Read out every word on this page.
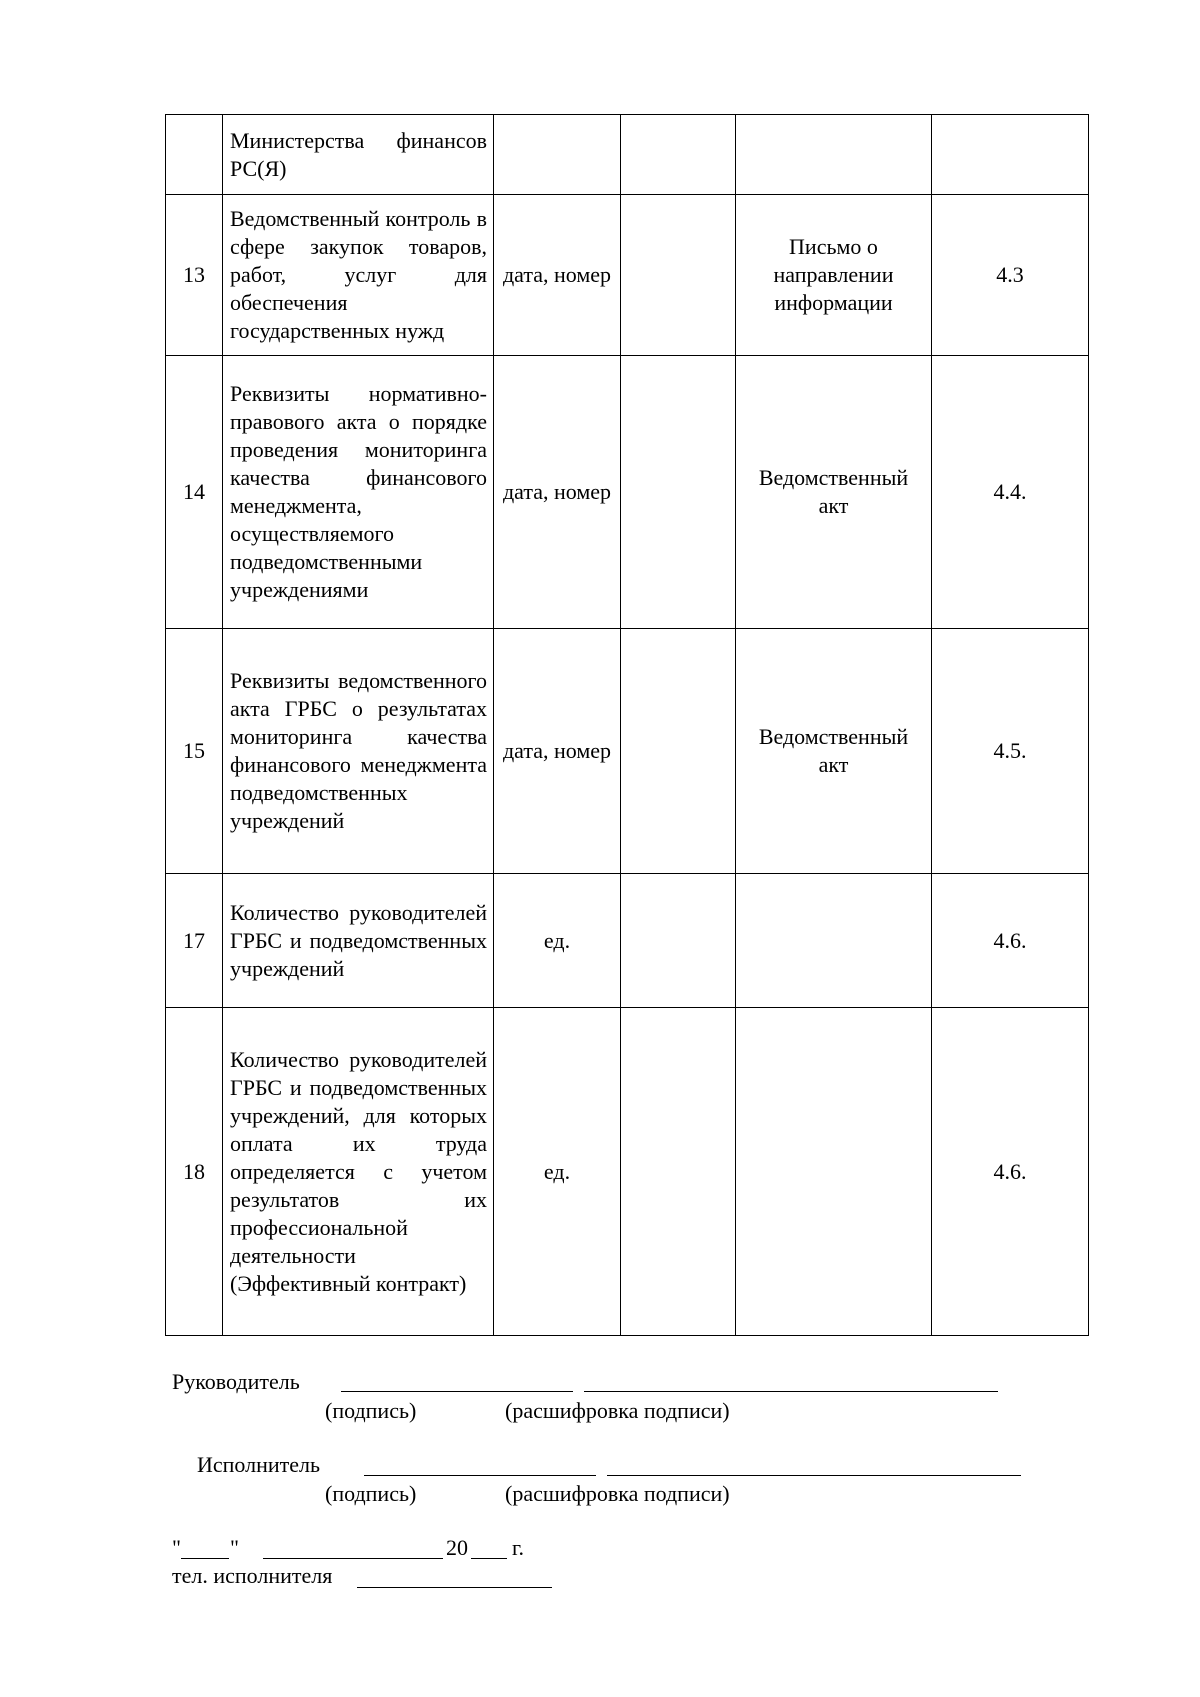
	Министерства финансов РС(Я)				

13	Ведомственный контроль в сфере закупок товаров, работ, услуг для обеспечения государственных нужд	дата, номер		Письмо о направлении информации	4.3
14	Реквизиты нормативно-правового акта о порядке проведения мониторинга качества финансового менеджмента, осуществляемого подведомственными учреждениями	дата, номер		Ведомственный акт	4.4.
15	Реквизиты ведомственного акта ГРБС о результатах мониторинга качества финансового менеджмента подведомственных учреждений	дата, номер		Ведомственный акт	4.5.
17	Количество руководителей ГРБС и подведомственных учреждений	ед.			4.6.
18	Количество руководителей ГРБС и подведомственных учреждений, для которых оплата их труда определяется с учетом результатов их профессиональной деятельности (Эффективный контракт)	ед.			4.6.
Руководитель
(подпись)	(расшифровка подписи)
Исполнитель
(подпись)	(расшифровка подписи)
" "	20 г.
тел. исполнителя
